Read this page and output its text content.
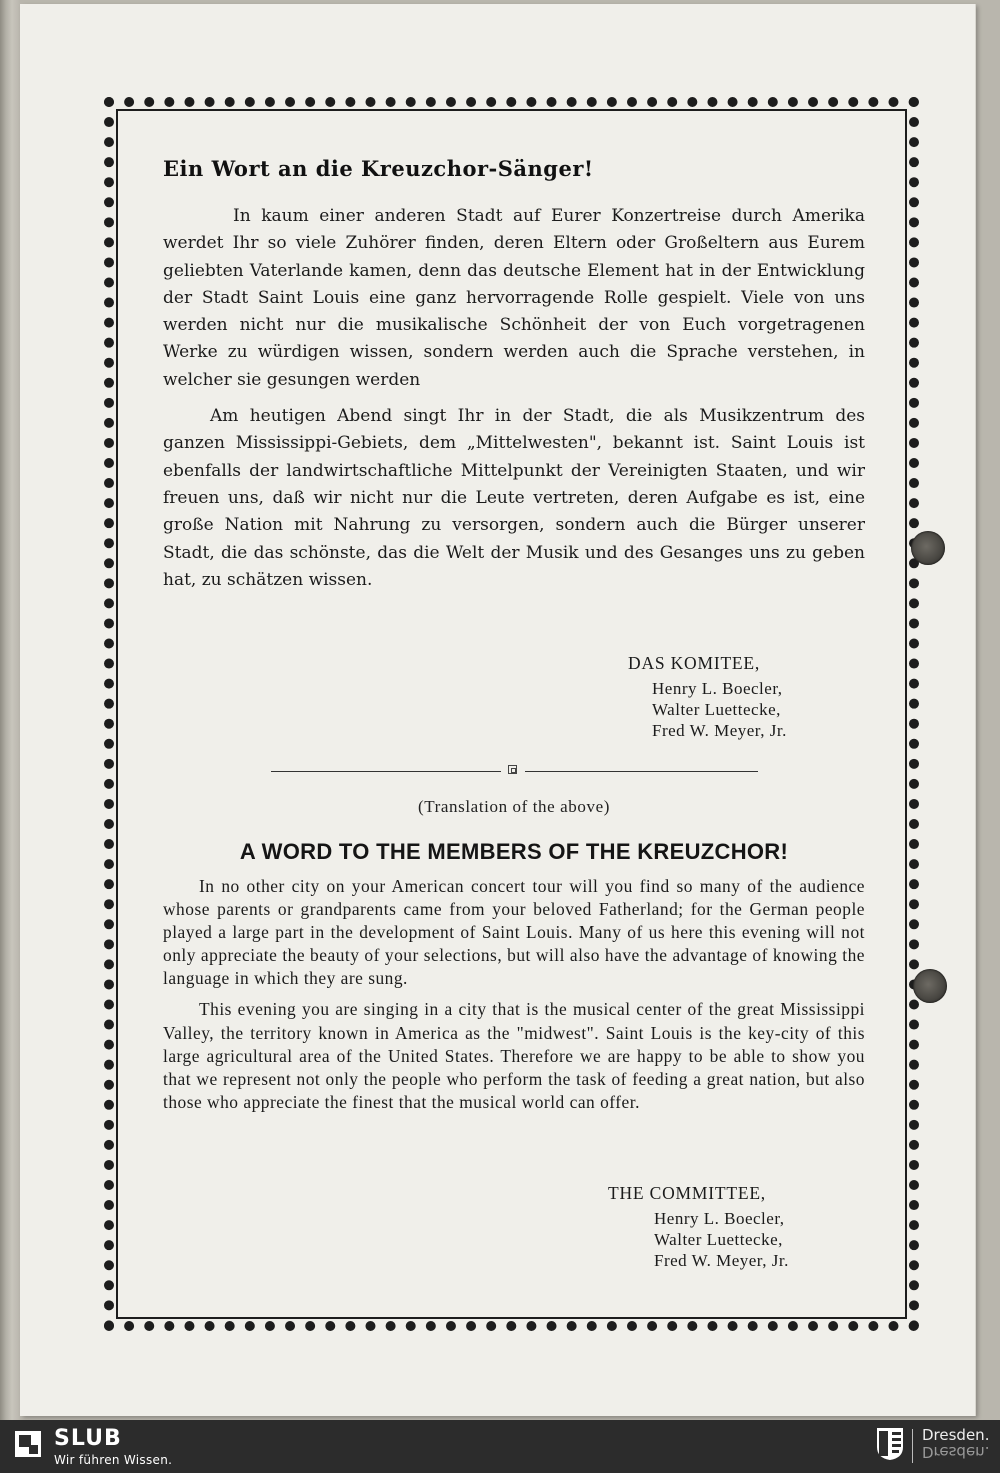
Ein Wort an die Kreuzchor-Sänger!

In kaum einer anderen Stadt auf Eurer Konzertreise durch Amerika werdet Ihr so viele Zuhörer finden, deren Eltern oder Großeltern aus Eurem geliebten Vaterlande kamen, denn das deutsche Element hat in der Entwicklung der Stadt Saint Louis eine ganz hervorragende Rolle gespielt. Viele von uns werden nicht nur die musikalische Schönheit der von Euch vorgetragenen Werke zu würdigen wissen, sondern werden auch die Sprache verstehen, in welcher sie gesungen werden

Am heutigen Abend singt Ihr in der Stadt, die als Musikzentrum des ganzen Mississippi-Gebiets, dem „Mittelwesten", bekannt ist. Saint Louis ist ebenfalls der landwirtschaftliche Mittelpunkt der Vereinigten Staaten, und wir freuen uns, daß wir nicht nur die Leute vertreten, deren Aufgabe es ist, eine große Nation mit Nahrung zu versorgen, sondern auch die Bürger unserer Stadt, die das schönste, das die Welt der Musik und des Gesanges uns zu geben hat, zu schätzen wissen.

DAS KOMITEE,
Henry L. Boecler,
Walter Luettecke,
Fred W. Meyer, Jr.
(Translation of the above)
A WORD TO THE MEMBERS OF THE KREUZCHOR!

In no other city on your American concert tour will you find so many of the audience whose parents or grandparents came from your beloved Fatherland; for the German people played a large part in the development of Saint Louis. Many of us here this evening will not only appreciate the beauty of your selections, but will also have the advantage of knowing the language in which they are sung.

This evening you are singing in a city that is the musical center of the great Mississippi Valley, the territory known in America as the "midwest". Saint Louis is the key-city of this large agricultural area of the United States. Therefore we are happy to be able to show you that we represent not only the people who perform the task of feeding a great nation, but also those who appreciate the finest that the musical world can offer.

THE COMMITTEE,
Henry L. Boecler,
Walter Luettecke,
Fred W. Meyer, Jr.
SLUB
Wir führen Wissen.
Dresden.
Dresden.
